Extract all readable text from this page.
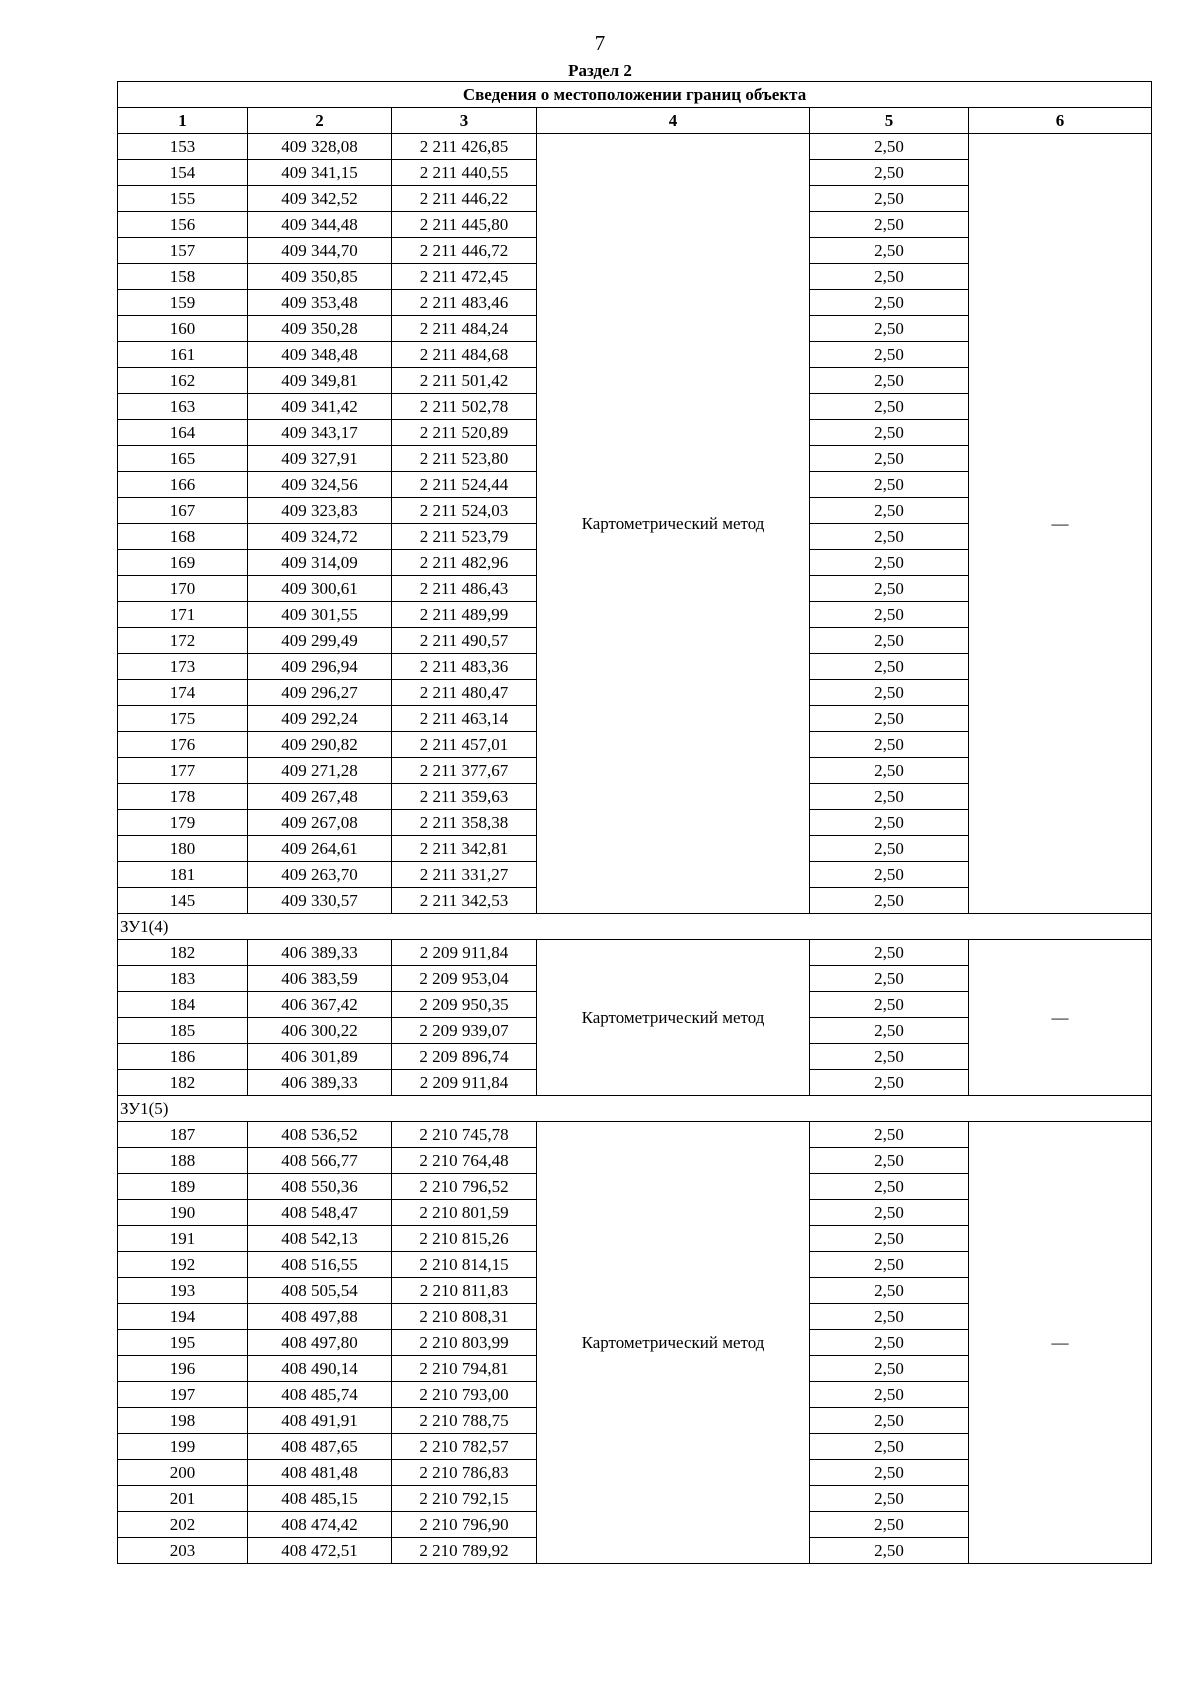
7
Раздел 2
Сведения о местоположении границ объекта					
1	2	3	4	5	6
153	409 328,08	2 211 426,85	Картометрический метод	2,50	—
154	409 341,15	2 211 440,55		2,50	
155	409 342,52	2 211 446,22		2,50	
156	409 344,48	2 211 445,80		2,50	
157	409 344,70	2 211 446,72		2,50	
158	409 350,85	2 211 472,45		2,50	
159	409 353,48	2 211 483,46		2,50	
160	409 350,28	2 211 484,24		2,50	
161	409 348,48	2 211 484,68		2,50	
162	409 349,81	2 211 501,42		2,50	
163	409 341,42	2 211 502,78		2,50	
164	409 343,17	2 211 520,89		2,50	
165	409 327,91	2 211 523,80		2,50	
166	409 324,56	2 211 524,44		2,50	
167	409 323,83	2 211 524,03		2,50	
168	409 324,72	2 211 523,79		2,50	
169	409 314,09	2 211 482,96		2,50	
170	409 300,61	2 211 486,43		2,50	
171	409 301,55	2 211 489,99		2,50	
172	409 299,49	2 211 490,57		2,50	
173	409 296,94	2 211 483,36		2,50	
174	409 296,27	2 211 480,47		2,50	
175	409 292,24	2 211 463,14		2,50	
176	409 290,82	2 211 457,01		2,50	
177	409 271,28	2 211 377,67		2,50	
178	409 267,48	2 211 359,63		2,50	
179	409 267,08	2 211 358,38		2,50	
180	409 264,61	2 211 342,81		2,50	
181	409 263,70	2 211 331,27		2,50	
145	409 330,57	2 211 342,53		2,50	
ЗУ1(4)					
182	406 389,33	2 209 911,84	Картометрический метод	2,50	—
183	406 383,59	2 209 953,04		2,50	
184	406 367,42	2 209 950,35		2,50	
185	406 300,22	2 209 939,07		2,50	
186	406 301,89	2 209 896,74		2,50	
182	406 389,33	2 209 911,84		2,50	
ЗУ1(5)					
187	408 536,52	2 210 745,78	Картометрический метод	2,50	—
188	408 566,77	2 210 764,48		2,50	
189	408 550,36	2 210 796,52		2,50	
190	408 548,47	2 210 801,59		2,50	
191	408 542,13	2 210 815,26		2,50	
192	408 516,55	2 210 814,15		2,50	
193	408 505,54	2 210 811,83		2,50	
194	408 497,88	2 210 808,31		2,50	
195	408 497,80	2 210 803,99		2,50	
196	408 490,14	2 210 794,81		2,50	
197	408 485,74	2 210 793,00		2,50	
198	408 491,91	2 210 788,75		2,50	
199	408 487,65	2 210 782,57		2,50	
200	408 481,48	2 210 786,83		2,50	
201	408 485,15	2 210 792,15		2,50	
202	408 474,42	2 210 796,90		2,50	
203	408 472,51	2 210 789,92		2,50	
